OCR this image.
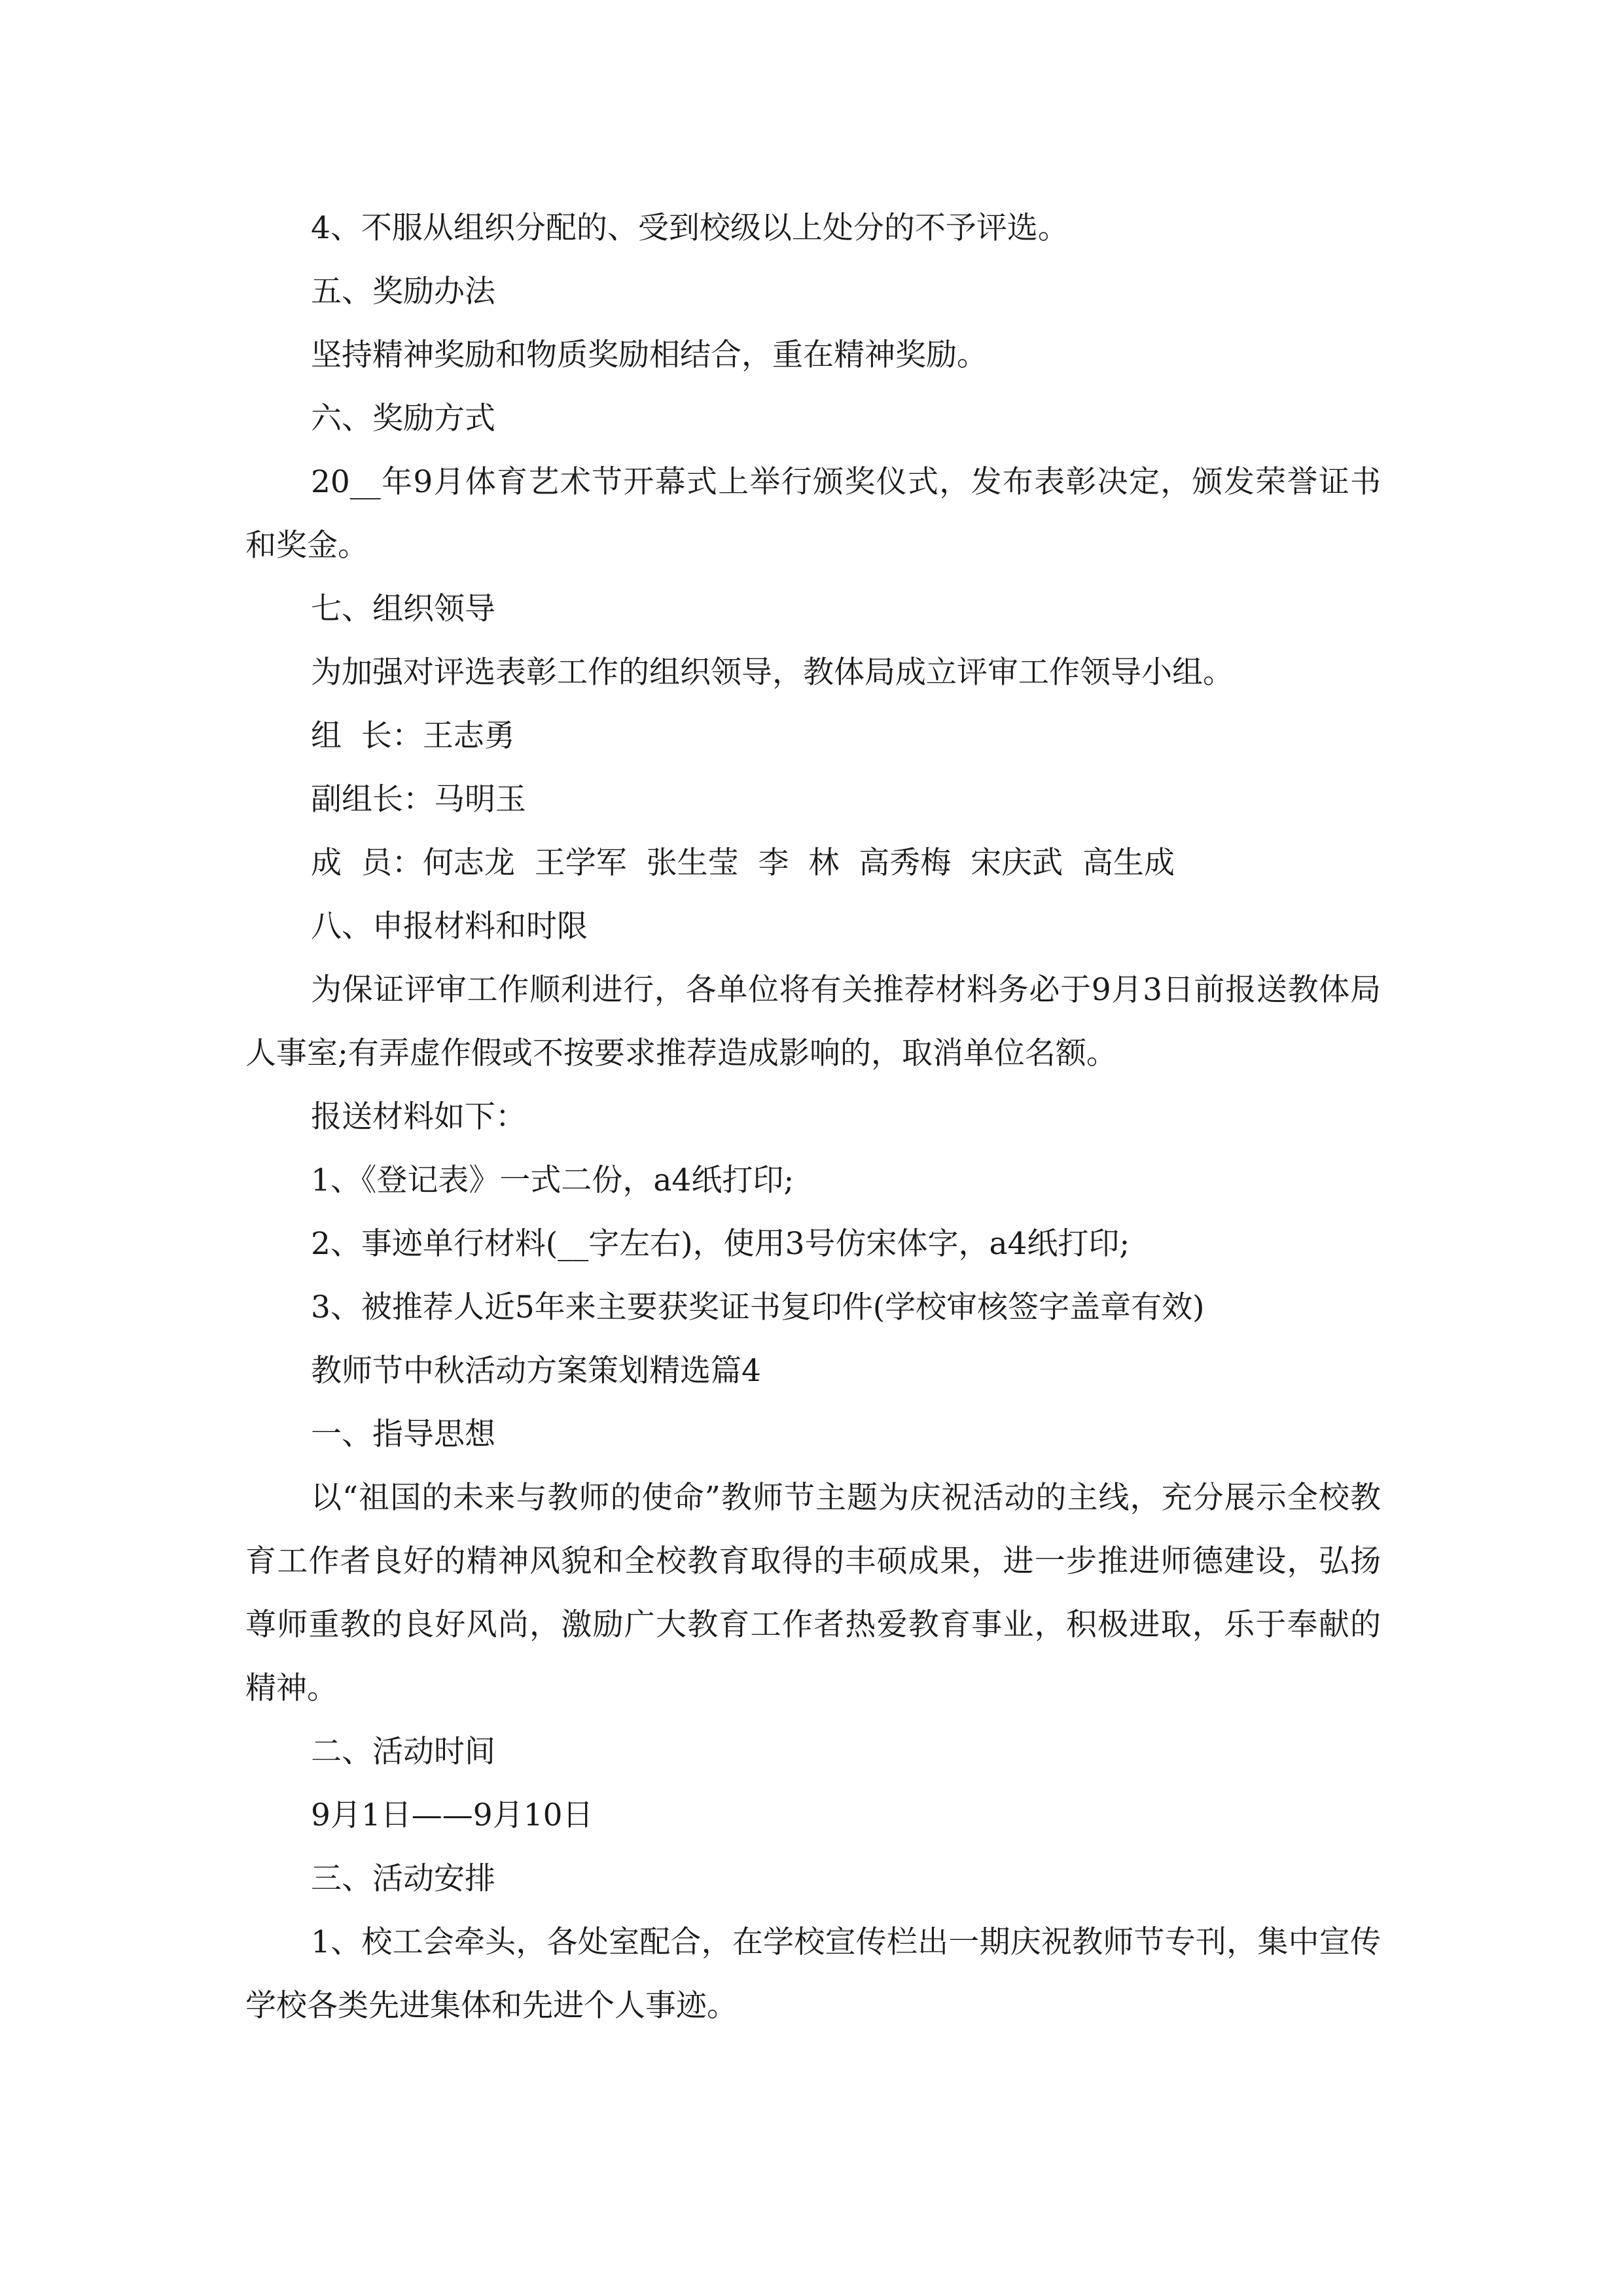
4、不服从组织分配的、受到校级以上处分的不予评选。

五、奖励办法

坚持精神奖励和物质奖励相结合，重在精神奖励。

六、奖励方式

20__年9月体育艺术节开幕式上举行颁奖仪式，发布表彰决定，颁发荣誉证书和奖金。

七、组织领导

为加强对评选表彰工作的组织领导，教体局成立评审工作领导小组。

组  长：王志勇

副组长：马明玉

成  员：何志龙  王学军  张生莹  李  林  高秀梅  宋庆武  高生成

八、申报材料和时限

为保证评审工作顺利进行，各单位将有关推荐材料务必于9月3日前报送教体局人事室;有弄虚作假或不按要求推荐造成影响的，取消单位名额。

报送材料如下：

1、《登记表》一式二份，a4纸打印;

2、事迹单行材料(__字左右)，使用3号仿宋体字，a4纸打印;

3、被推荐人近5年来主要获奖证书复印件(学校审核签字盖章有效)

教师节中秋活动方案策划精选篇4

一、指导思想

以“祖国的未来与教师的使命”教师节主题为庆祝活动的主线，充分展示全校教育工作者良好的精神风貌和全校教育取得的丰硕成果，进一步推进师德建设，弘扬尊师重教的良好风尚，激励广大教育工作者热爱教育事业，积极进取，乐于奉献的精神。

二、活动时间

9月1日——9月10日

三、活动安排

1、校工会牵头，各处室配合，在学校宣传栏出一期庆祝教师节专刊，集中宣传学校各类先进集体和先进个人事迹。
